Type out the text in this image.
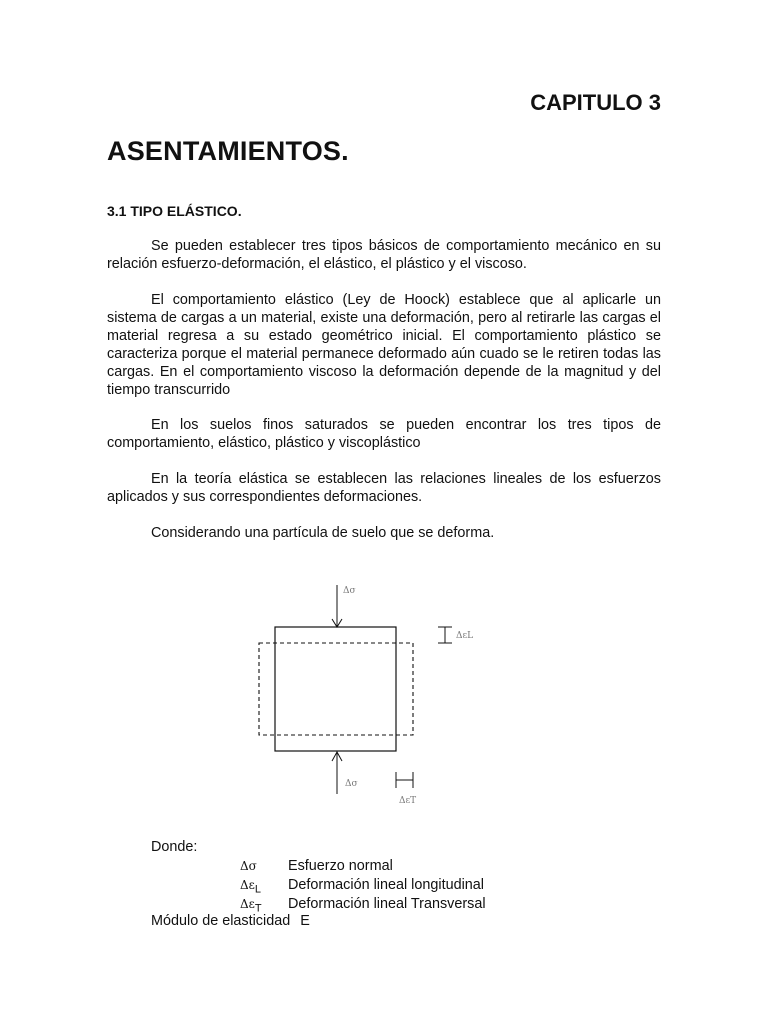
CAPITULO 3
ASENTAMIENTOS.
3.1 TIPO ELÁSTICO.

Se pueden establecer tres tipos básicos de comportamiento mecánico en su relación esfuerzo-deformación, el elástico, el plástico y el viscoso.

El comportamiento elástico (Ley de Hoock) establece que al aplicarle un sistema de cargas a un material, existe una deformación, pero al retirarle las cargas el material regresa a su estado geométrico inicial. El comportamiento plástico se caracteriza porque el material permanece deformado aún cuado se le retiren todas las cargas. En el comportamiento viscoso la deformación depende de la magnitud y del tiempo transcurrido

En los suelos finos saturados se pueden encontrar los tres tipos de comportamiento, elástico, plástico y viscoplástico

En la teoría elástica se establecen las relaciones lineales de los esfuerzos aplicados y sus correspondientes deformaciones.

Considerando una partícula de suelo que se deforma.

Δσ
Δσ
ΔεL
ΔεT

Donde:

Δσ Esfuerzo normal
$\Delta\varepsilon_L$ Deformación lineal longitudinal
$\Delta\varepsilon_T$ Deformación lineal Transversal
Módulo de elasticidad E
